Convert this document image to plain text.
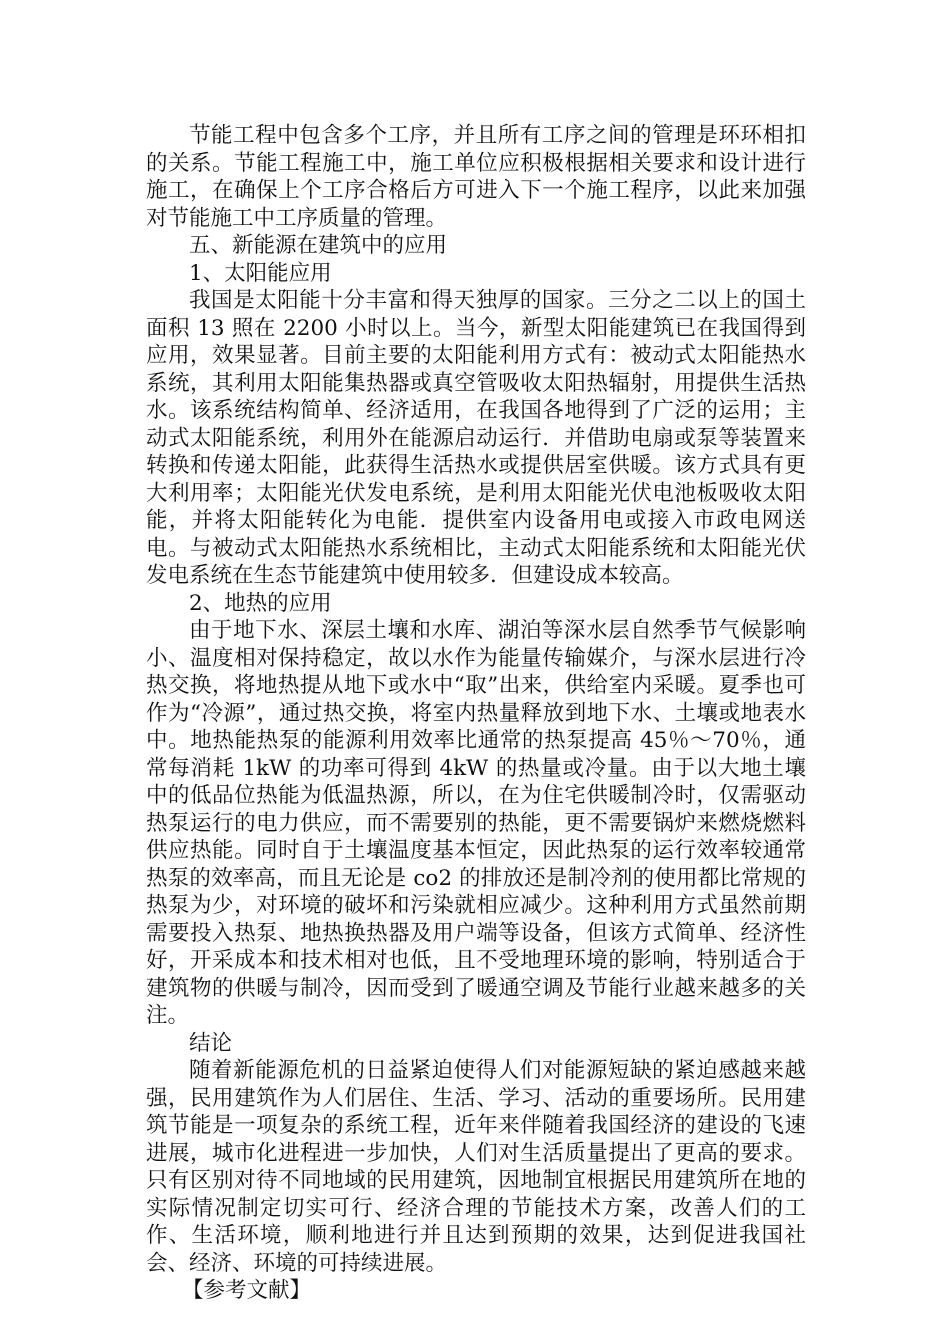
节能工程中包含多个工序，并且所有工序之间的管理是环环相扣的关系。节能工程施工中，施工单位应积极根据相关要求和设计进行施工，在确保上个工序合格后方可进入下一个施工程序，以此来加强对节能施工中工序质量的管理。

五、新能源在建筑中的应用

1、太阳能应用

我国是太阳能十分丰富和得天独厚的国家。三分之二以上的国土面积 13 照在 2200 小时以上。当今，新型太阳能建筑已在我国得到应用，效果显著。目前主要的太阳能利用方式有：被动式太阳能热水系统，其利用太阳能集热器或真空管吸收太阳热辐射，用提供生活热水。该系统结构简单、经济适用，在我国各地得到了广泛的运用；主动式太阳能系统，利用外在能源启动运行．并借助电扇或泵等装置来转换和传递太阳能，此获得生活热水或提供居室供暖。该方式具有更大利用率；太阳能光伏发电系统，是利用太阳能光伏电池板吸收太阳能，并将太阳能转化为电能．提供室内设备用电或接入市政电网送电。与被动式太阳能热水系统相比，主动式太阳能系统和太阳能光伏发电系统在生态节能建筑中使用较多．但建设成本较高。

2、地热的应用

由于地下水、深层土壤和水库、湖泊等深水层自然季节气候影响小、温度相对保持稳定，故以水作为能量传输媒介，与深水层进行冷热交换，将地热提从地下或水中“取”出来，供给室内采暖。夏季也可作为“冷源”，通过热交换，将室内热量释放到地下水、土壤或地表水中。地热能热泵的能源利用效率比通常的热泵提高 45％～70％，通常每消耗 1kW 的功率可得到 4kW 的热量或冷量。由于以大地土壤中的低品位热能为低温热源，所以，在为住宅供暖制冷时，仅需驱动热泵运行的电力供应，而不需要别的热能，更不需要锅炉来燃烧燃料供应热能。同时自于土壤温度基本恒定，因此热泵的运行效率较通常热泵的效率高，而且无论是 co2 的排放还是制冷剂的使用都比常规的热泵为少，对环境的破坏和污染就相应减少。这种利用方式虽然前期需要投入热泵、地热换热器及用户端等设备，但该方式简单、经济性好，开采成本和技术相对也低，且不受地理环境的影响，特别适合于建筑物的供暖与制冷，因而受到了暖通空调及节能行业越来越多的关注。

结论

随着新能源危机的日益紧迫使得人们对能源短缺的紧迫感越来越强，民用建筑作为人们居住、生活、学习、活动的重要场所。民用建筑节能是一项复杂的系统工程，近年来伴随着我国经济的建设的飞速进展，城市化进程进一步加快，人们对生活质量提出了更高的要求。只有区别对待不同地域的民用建筑，因地制宜根据民用建筑所在地的实际情况制定切实可行、经济合理的节能技术方案，改善人们的工作、生活环境，顺利地进行并且达到预期的效果，达到促进我国社会、经济、环境的可持续进展。

【参考文献】
